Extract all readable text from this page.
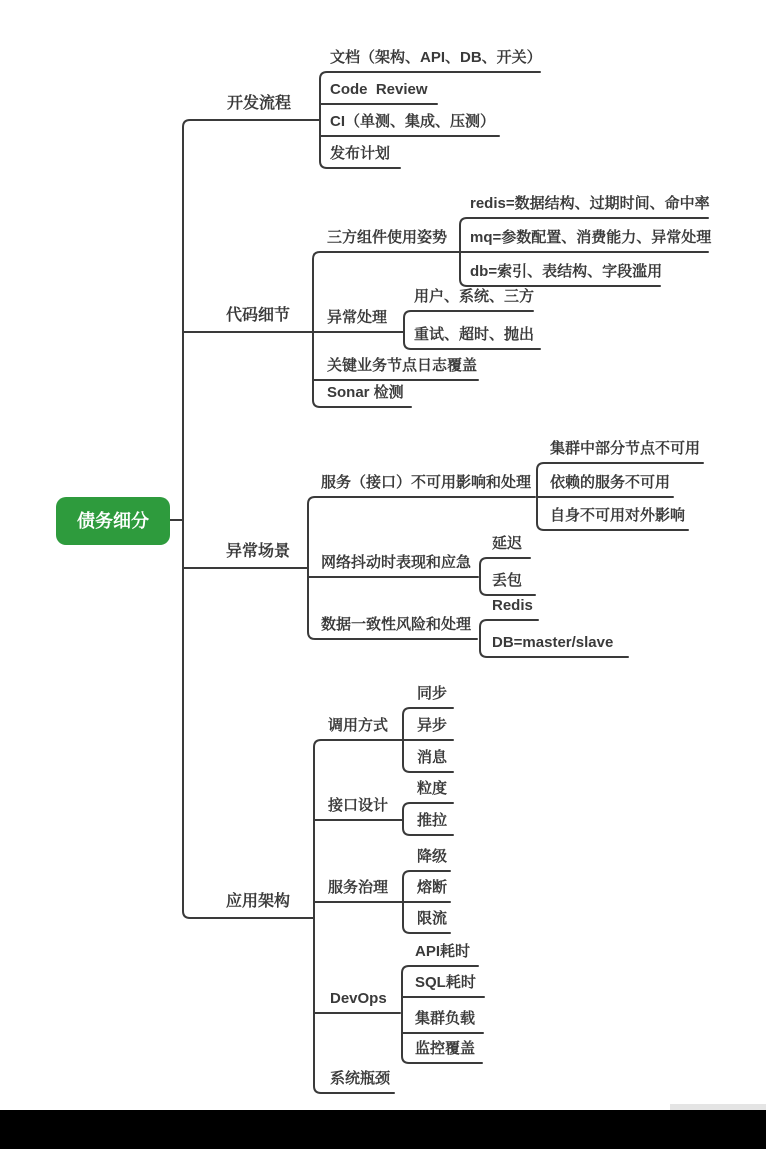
债务细分
开发流程
文档（架构、API、DB、开关）
Code  Review
CI（单测、集成、压测）
发布计划
代码细节
三方组件使用姿势
redis=数据结构、过期时间、命中率
mq=参数配置、消费能力、异常处理
db=索引、表结构、字段滥用
异常处理
用户、系统、三方
重试、超时、抛出
关键业务节点日志覆盖
Sonar 检测
异常场景
服务（接口）不可用影响和处理
集群中部分节点不可用
依赖的服务不可用
自身不可用对外影响
网络抖动时表现和应急
延迟
丢包
数据一致性风险和处理
Redis
DB=master/slave
应用架构
调用方式
同步
异步
消息
接口设计
粒度
推拉
服务治理
降级
熔断
限流
DevOps
API耗时
SQL耗时
集群负载
监控覆盖
系统瓶颈
